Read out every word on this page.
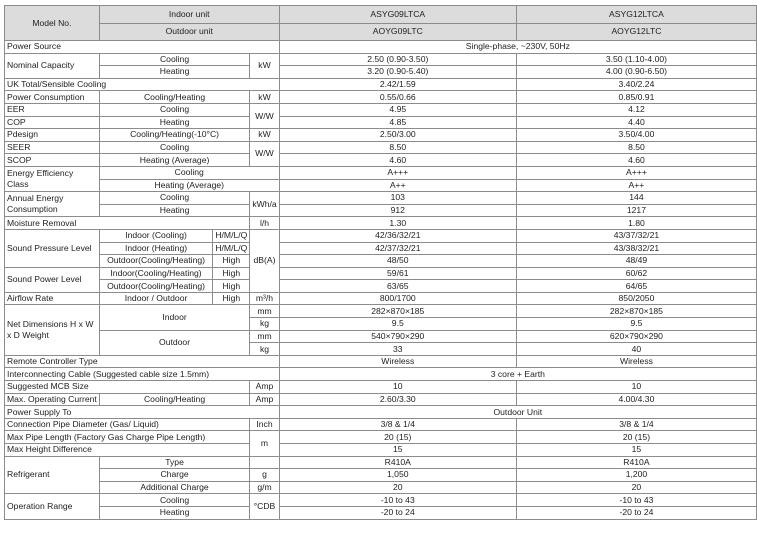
Model No.	Indoor unit			ASYG09LTCA	ASYG12LTCA
	Outdoor unit			AOYG09LTC	AOYG12LTC
Power Source				Single-phase, ~230V, 50Hz	
Nominal Capacity	Cooling		kW	2.50 (0.90-3.50)	3.50 (1.10-4.00)
	Heating			3.20 (0.90-5.40)	4.00 (0.90-6.50)
UK Total/Sensible Cooling				2.42/1.59	3.40/2.24
Power Consumption	Cooling/Heating		kW	0.55/0.66	0.85/0.91
EER	Cooling		W/W	4.95	4.12
COP	Heating			4.85	4.40
Pdesign	Cooling/Heating(-10°C)		kW	2.50/3.00	3.50/4.00
SEER	Cooling		W/W	8.50	8.50
SCOP	Heating (Average)			4.60	4.60
Energy Efficiency Class	Cooling			A+++	A+++
	Heating (Average)			A++	A++
Annual Energy Consumption	Cooling		kWh/a	103	144
	Heating			912	1217
Moisture Removal			l/h	1.30	1.80
Sound Pressure Level	Indoor (Cooling)	H/M/L/Q	dB(A)	42/36/32/21	43/37/32/21
	Indoor (Heating)	H/M/L/Q		42/37/32/21	43/38/32/21
	Outdoor(Cooling/Heating)	High		48/50	48/49
Sound Power Level	Indoor(Cooling/Heating)	High		59/61	60/62
	Outdoor(Cooling/Heating)	High		63/65	64/65
Airflow Rate	Indoor / Outdoor	High	m³/h	800/1700	850/2050
Net Dimensions H x W x D Weight	Indoor		mm	282×870×185	282×870×185
			kg	9.5	9.5
	Outdoor		mm	540×790×290	620×790×290
			kg	33	40
Remote Controller Type				Wireless	Wireless
Interconnecting Cable (Suggested cable size 1.5mm)				3 core + Earth	
Suggested MCB Size			Amp	10	10
Max. Operating Current	Cooling/Heating		Amp	2.60/3.30	4.00/4.30
Power Supply To				Outdoor Unit	
Connection Pipe Diameter (Gas/ Liquid)			Inch	3/8 & 1/4	3/8 & 1/4
Max Pipe Length (Factory Gas Charge Pipe Length)			m	20 (15)	20 (15)
Max Height Difference				15	15
Refrigerant	Type			R410A	R410A
	Charge		g	1,050	1,200
	Additional Charge		g/m	20	20
Operation Range	Cooling		°CDB	-10 to 43	-10 to 43
	Heating			-20 to 24	-20 to 24
